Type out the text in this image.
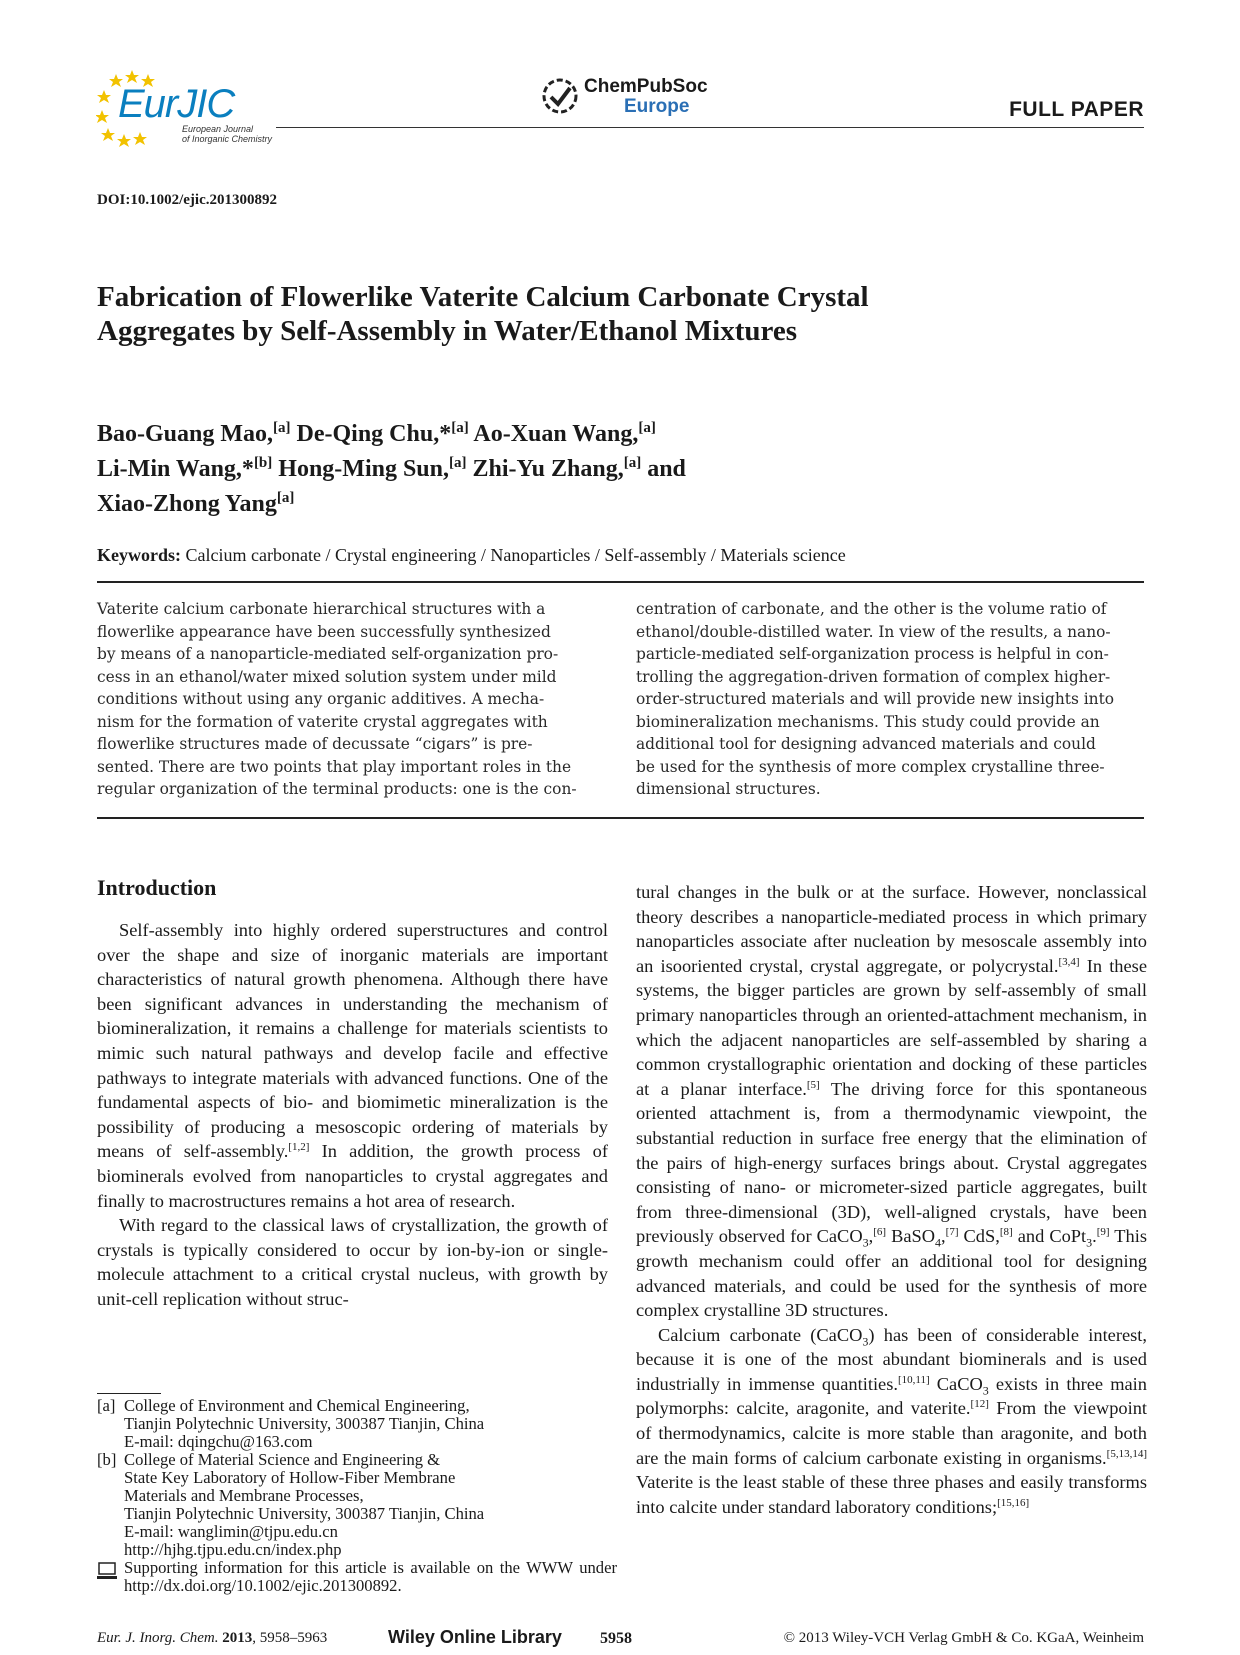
EurJIC
European Journal
of Inorganic Chemistry
ChemPubSoc
Europe	FULL PAPER
DOI:10.1002/ejic.201300892
Fabrication of Flowerlike Vaterite Calcium Carbonate Crystal Aggregates by Self-Assembly in Water/Ethanol Mixtures

Bao-Guang Mao,[a] De-Qing Chu,*[a] Ao-Xuan Wang,[a]
Li-Min Wang,*[b] Hong-Ming Sun,[a] Zhi-Yu Zhang,[a] and
Xiao-Zhong Yang[a]

Keywords: Calcium carbonate / Crystal engineering / Nanoparticles / Self-assembly / Materials science
Vaterite calcium carbonate hierarchical structures with a
flowerlike appearance have been successfully synthesized
by means of a nanoparticle-mediated self-organization pro-
cess in an ethanol/water mixed solution system under mild
conditions without using any organic additives. A mecha-
nism for the formation of vaterite crystal aggregates with
flowerlike structures made of decussate “cigars” is pre-
sented. There are two points that play important roles in the
regular organization of the terminal products: one is the con-
centration of carbonate, and the other is the volume ratio of
ethanol/double-distilled water. In view of the results, a nano-
particle-mediated self-organization process is helpful in con-
trolling the aggregation-driven formation of complex higher-
order-structured materials and will provide new insights into
biomineralization mechanisms. This study could provide an
additional tool for designing advanced materials and could
be used for the synthesis of more complex crystalline three-
dimensional structures.
Introduction

Self-assembly into highly ordered superstructures and control over the shape and size of inorganic materials are important characteristics of natural growth phenomena. Although there have been significant advances in understanding the mechanism of biomineralization, it remains a challenge for materials scientists to mimic such natural pathways and develop facile and effective pathways to integrate materials with advanced functions. One of the fundamental aspects of bio- and biomimetic mineralization is the possibility of producing a mesoscopic ordering of materials by means of self-assembly.[1,2] In addition, the growth process of biominerals evolved from nanoparticles to crystal aggregates and finally to macrostructures remains a hot area of research.

With regard to the classical laws of crystallization, the growth of crystals is typically considered to occur by ion-by-ion or single-molecule attachment to a critical crystal nucleus, with growth by unit-cell replication without struc-

tural changes in the bulk or at the surface. However, nonclassical theory describes a nanoparticle-mediated process in which primary nanoparticles associate after nucleation by mesoscale assembly into an isooriented crystal, crystal aggregate, or polycrystal.[3,4] In these systems, the bigger particles are grown by self-assembly of small primary nanoparticles through an oriented-attachment mechanism, in which the adjacent nanoparticles are self-assembled by sharing a common crystallographic orientation and docking of these particles at a planar interface.[5] The driving force for this spontaneous oriented attachment is, from a thermodynamic viewpoint, the substantial reduction in surface free energy that the elimination of the pairs of high-energy surfaces brings about. Crystal aggregates consisting of nano- or micrometer-sized particle aggregates, built from three-dimensional (3D), well-aligned crystals, have been previously observed for CaCO$_3$,[6] BaSO$_4$,[7] CdS,[8] and CoPt$_3$.[9] This growth mechanism could offer an additional tool for designing advanced materials, and could be used for the synthesis of more complex crystalline 3D structures.

Calcium carbonate (CaCO$_3$) has been of considerable interest, because it is one of the most abundant biominerals and is used industrially in immense quantities.[10,11] CaCO$_3$ exists in three main polymorphs: calcite, aragonite, and vaterite.[12] From the viewpoint of thermodynamics, calcite is more stable than aragonite, and both are the main forms of calcium carbonate existing in organisms.[5,13,14] Vaterite is the least stable of these three phases and easily transforms into calcite under standard laboratory conditions;[15,16]

[a] College of Environment and Chemical Engineering,
Tianjin Polytechnic University, 300387 Tianjin, China
E-mail: dqingchu@163.com
[b] College of Material Science and Engineering &
State Key Laboratory of Hollow-Fiber Membrane
Materials and Membrane Processes,
Tianjin Polytechnic University, 300387 Tianjin, China
E-mail: wanglimin@tjpu.edu.cn
http://hjhg.tjpu.edu.cn/index.php
Supporting information for this article is available on the WWW under http://dx.doi.org/10.1002/ejic.201300892.
Eur. J. Inorg. Chem. 2013, 5958–5963	Wiley Online Library 5958	© 2013 Wiley-VCH Verlag GmbH & Co. KGaA, Weinheim
